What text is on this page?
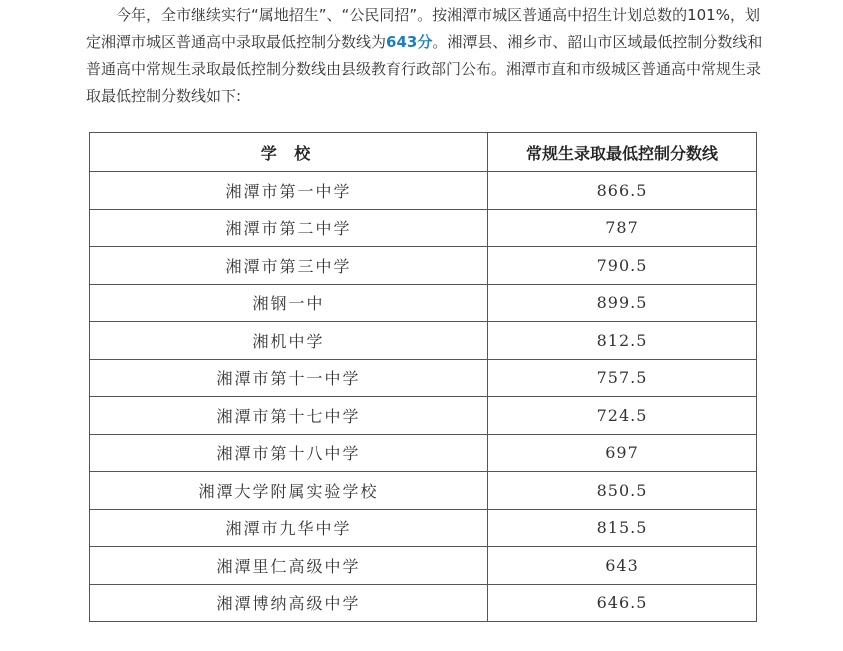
今年，全市继续实行“属地招生”、“公民同招”。按湘潭市城区普通高中招生计划总数的101%，划定湘潭市城区普通高中录取最低控制分数线为643分。湘潭县、湘乡市、韶山市区域最低控制分数线和普通高中常规生录取最低控制分数线由县级教育行政部门公布。湘潭市直和市级城区普通高中常规生录取最低控制分数线如下:

学 校	常规生录取最低控制分数线
湘潭市第一中学	866.5
湘潭市第二中学	787
湘潭市第三中学	790.5
湘钢一中	899.5
湘机中学	812.5
湘潭市第十一中学	757.5
湘潭市第十七中学	724.5
湘潭市第十八中学	697
湘潭大学附属实验学校	850.5
湘潭市九华中学	815.5
湘潭里仁高级中学	643
湘潭博纳高级中学	646.5
